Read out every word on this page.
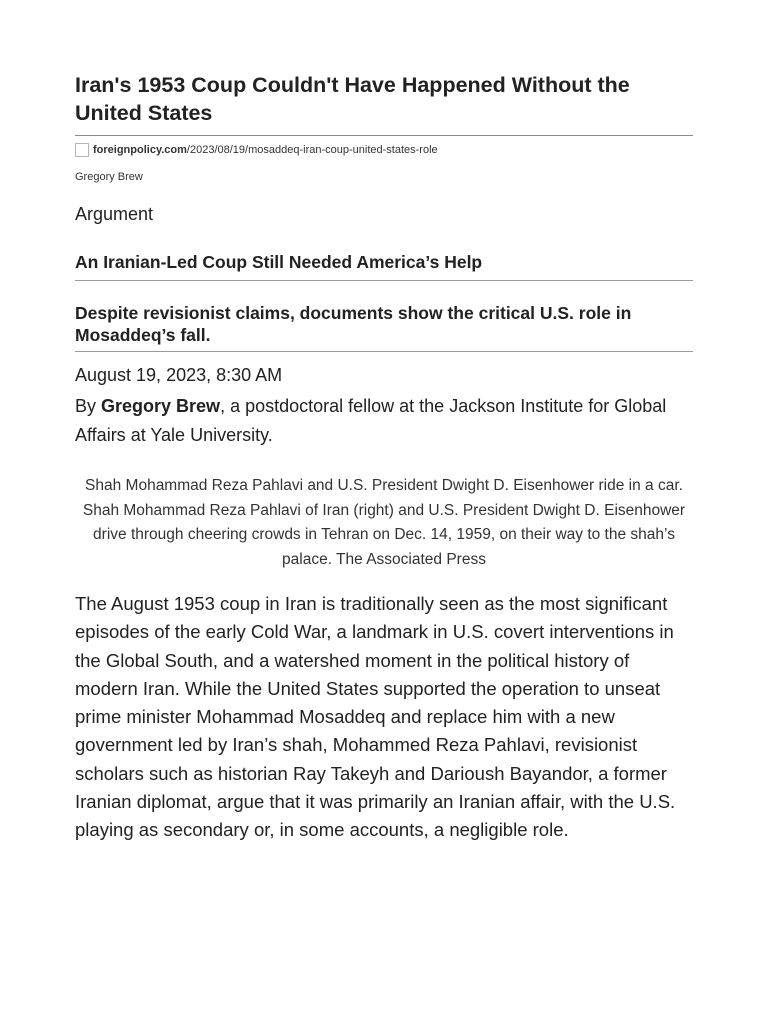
Iran's 1953 Coup Couldn't Have Happened Without the United States
foreignpolicy.com /2023/08/19/mosaddeq-iran-coup-united-states-role
Gregory Brew
Argument
An Iranian-Led Coup Still Needed America’s Help
Despite revisionist claims, documents show the critical U.S. role in Mosaddeq’s fall.
August 19, 2023, 8:30 AM
By Gregory Brew, a postdoctoral fellow at the Jackson Institute for Global Affairs at Yale University.

Shah Mohammad Reza Pahlavi and U.S. President Dwight D. Eisenhower ride in a car.

Shah Mohammad Reza Pahlavi of Iran (right) and U.S. President Dwight D. Eisenhower drive through cheering crowds in Tehran on Dec. 14, 1959, on their way to the shah’s palace. The Associated Press

The August 1953 coup in Iran is traditionally seen as the most significant episodes of the early Cold War, a landmark in U.S. covert interventions in the Global South, and a watershed moment in the political history of modern Iran. While the United States supported the operation to unseat prime minister Mohammad Mosaddeq and replace him with a new government led by Iran’s shah, Mohammed Reza Pahlavi, revisionist scholars such as historian Ray Takeyh and Darioush Bayandor, a former Iranian diplomat, argue that it was primarily an Iranian affair, with the U.S. playing as secondary or, in some accounts, a negligible role.
